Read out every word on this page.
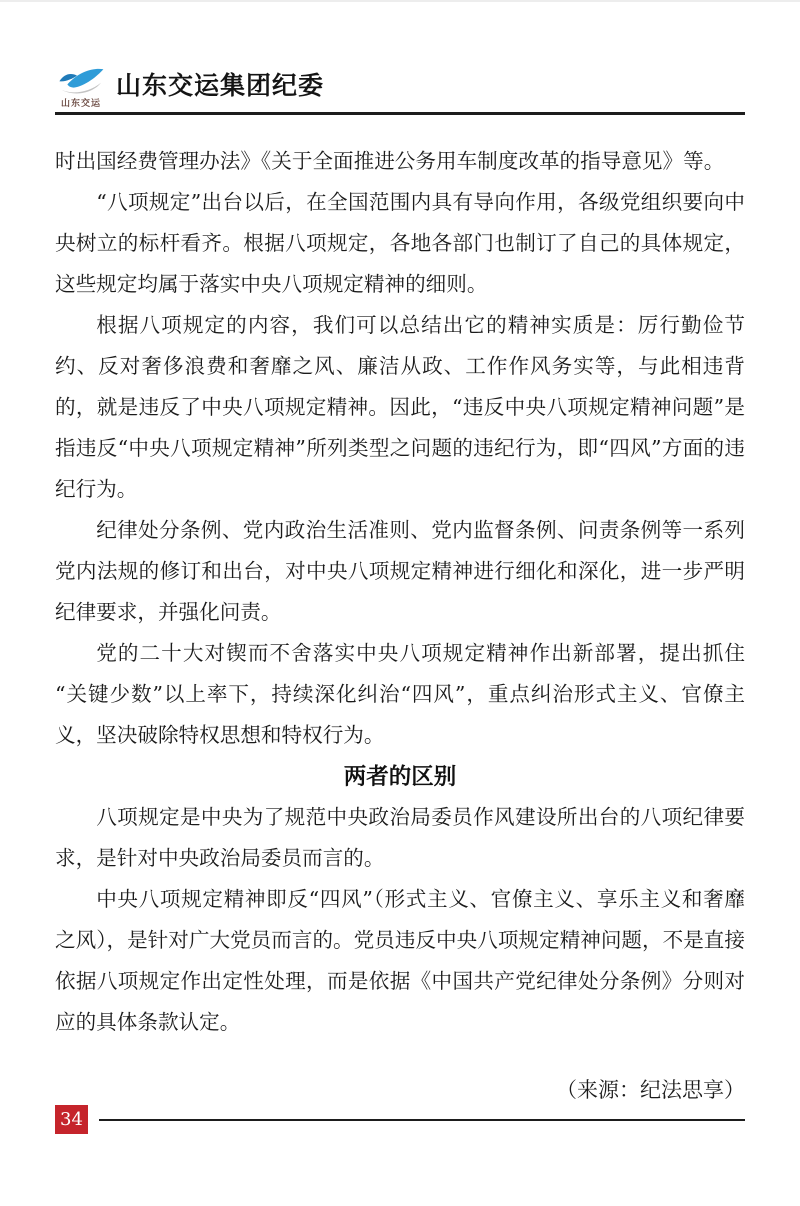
山东交运
山东交运集团纪委

时出国经费管理办法》《关于全面推进公务用车制度改革的指导意见》等。

“八项规定”出台以后，在全国范围内具有导向作用，各级党组织要向中央树立的标杆看齐。根据八项规定，各地各部门也制订了自己的具体规定，这些规定均属于落实中央八项规定精神的细则。

根据八项规定的内容，我们可以总结出它的精神实质是：厉行勤俭节约、反对奢侈浪费和奢靡之风、廉洁从政、工作作风务实等，与此相违背的，就是违反了中央八项规定精神。因此，“违反中央八项规定精神问题”是指违反“中央八项规定精神”所列类型之问题的违纪行为，即“四风”方面的违纪行为。

纪律处分条例、党内政治生活准则、党内监督条例、问责条例等一系列党内法规的修订和出台，对中央八项规定精神进行细化和深化，进一步严明纪律要求，并强化问责。

党的二十大对锲而不舍落实中央八项规定精神作出新部署，提出抓住“关键少数”以上率下，持续深化纠治“四风”，重点纠治形式主义、官僚主义，坚决破除特权思想和特权行为。

两者的区别

八项规定是中央为了规范中央政治局委员作风建设所出台的八项纪律要求，是针对中央政治局委员而言的。

中央八项规定精神即反“四风”（形式主义、官僚主义、享乐主义和奢靡之风），是针对广大党员而言的。党员违反中央八项规定精神问题，不是直接依据八项规定作出定性处理，而是依据《中国共产党纪律处分条例》分则对应的具体条款认定。

（来源：纪法思享）

34
